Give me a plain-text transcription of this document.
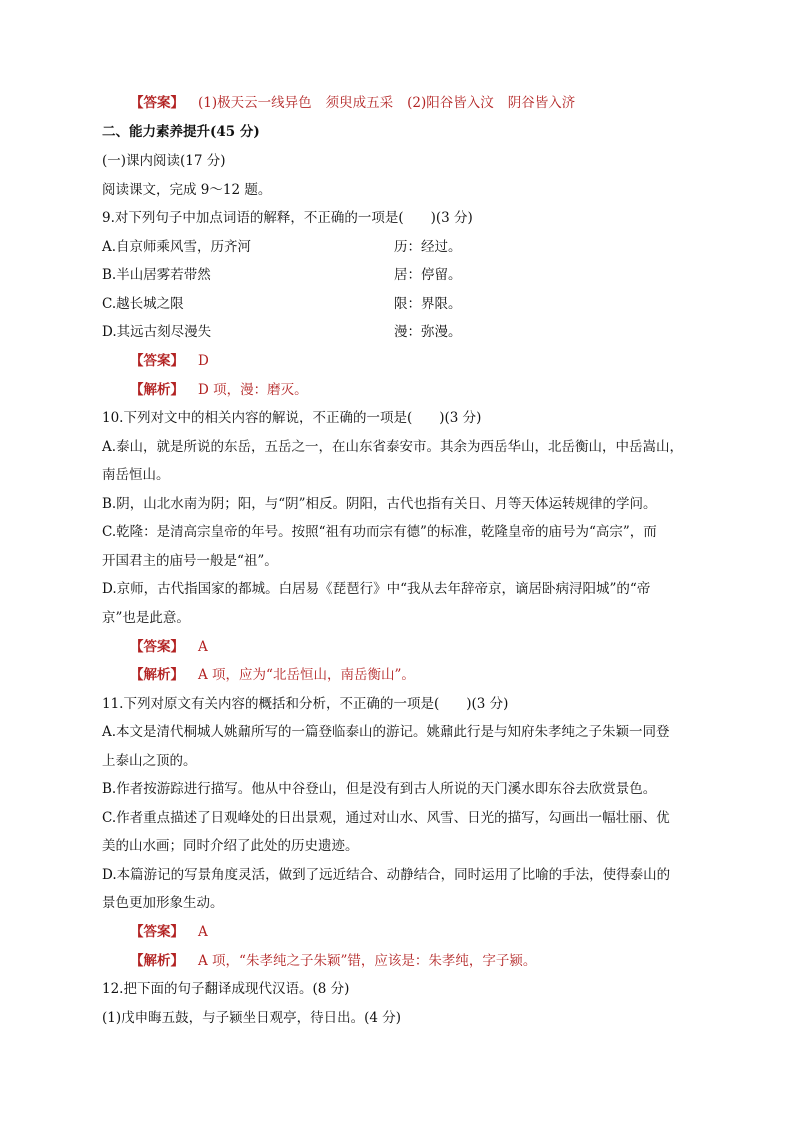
【答案】 (1)极天云一线异色 须臾成五采 (2)阳谷皆入汶 阴谷皆入济
二、能力素养提升(45 分)
(一)课内阅读(17 分)
阅读课文，完成 9～12 题。
9.对下列句子中加点词语的解释，不正确的一项是(　　)(3 分)
A.自京师乘风雪，历齐河	历：经过。
B.半山居雾若带然	居：停留。
C.越长城之限	限：界限。
D.其远古刻尽漫失	漫：弥漫。
【答案】 D
【解析】 D 项，漫：磨灭。
10.下列对文中的相关内容的解说，不正确的一项是(　　)(3 分)
A.泰山，就是所说的东岳，五岳之一，在山东省泰安市。其余为西岳华山，北岳衡山，中岳嵩山，
南岳恒山。
B.阴，山北水南为阴；阳，与“阴”相反。阴阳，古代也指有关日、月等天体运转规律的学问。
C.乾隆：是清高宗皇帝的年号。按照“祖有功而宗有德”的标准，乾隆皇帝的庙号为“高宗”，而
开国君主的庙号一般是“祖”。
D.京师，古代指国家的都城。白居易《琵琶行》中“我从去年辞帝京，谪居卧病浔阳城”的“帝
京”也是此意。
【答案】 A
【解析】 A 项，应为“北岳恒山，南岳衡山”。
11.下列对原文有关内容的概括和分析，不正确的一项是(　　)(3 分)
A.本文是清代桐城人姚鼐所写的一篇登临泰山的游记。姚鼐此行是与知府朱孝纯之子朱颖一同登
上泰山之顶的。
B.作者按游踪进行描写。他从中谷登山，但是没有到古人所说的天门溪水即东谷去欣赏景色。
C.作者重点描述了日观峰处的日出景观，通过对山水、风雪、日光的描写，勾画出一幅壮丽、优
美的山水画；同时介绍了此处的历史遗迹。
D.本篇游记的写景角度灵活，做到了远近结合、动静结合，同时运用了比喻的手法，使得泰山的
景色更加形象生动。
【答案】 A
【解析】 A 项，“朱孝纯之子朱颖”错，应该是：朱孝纯，字子颍。
12.把下面的句子翻译成现代汉语。(8 分)
(1)戊申晦五鼓，与子颍坐日观亭，待日出。(4 分)
